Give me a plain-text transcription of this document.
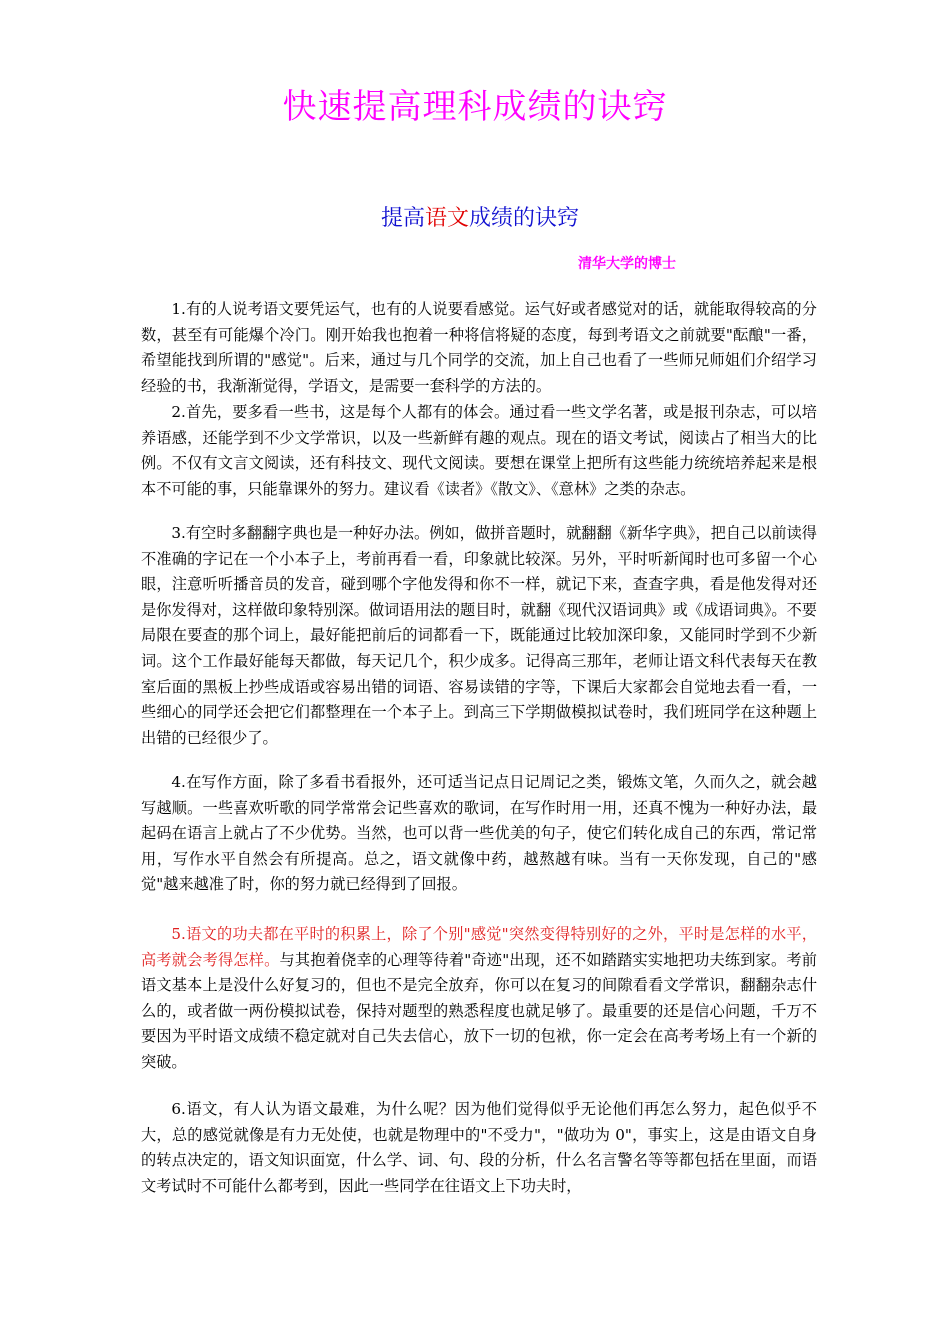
快速提高理科成绩的诀窍
提高语文成绩的诀窍
清华大学的博士

1.有的人说考语文要凭运气，也有的人说要看感觉。运气好或者感觉对的话，就能取得较高的分数，甚至有可能爆个冷门。刚开始我也抱着一种将信将疑的态度，每到考语文之前就要"酝酿"一番，希望能找到所谓的"感觉"。后来，通过与几个同学的交流，加上自己也看了一些师兄师姐们介绍学习经验的书，我渐渐觉得，学语文，是需要一套科学的方法的。

2.首先，要多看一些书，这是每个人都有的体会。通过看一些文学名著，或是报刊杂志，可以培养语感，还能学到不少文学常识，以及一些新鲜有趣的观点。现在的语文考试，阅读占了相当大的比例。不仅有文言文阅读，还有科技文、现代文阅读。要想在课堂上把所有这些能力统统培养起来是根本不可能的事，只能靠课外的努力。建议看《读者》《散文》、《意林》之类的杂志。

3.有空时多翻翻字典也是一种好办法。例如，做拼音题时，就翻翻《新华字典》，把自己以前读得不准确的字记在一个小本子上，考前再看一看，印象就比较深。另外，平时听新闻时也可多留一个心眼，注意听听播音员的发音，碰到哪个字他发得和你不一样，就记下来，查查字典，看是他发得对还是你发得对，这样做印象特别深。做词语用法的题目时，就翻《现代汉语词典》或《成语词典》。不要局限在要查的那个词上，最好能把前后的词都看一下，既能通过比较加深印象，又能同时学到不少新词。这个工作最好能每天都做，每天记几个，积少成多。记得高三那年，老师让语文科代表每天在教室后面的黑板上抄些成语或容易出错的词语、容易读错的字等，下课后大家都会自觉地去看一看，一些细心的同学还会把它们都整理在一个本子上。到高三下学期做模拟试卷时，我们班同学在这种题上出错的已经很少了。

4.在写作方面，除了多看书看报外，还可适当记点日记周记之类，锻炼文笔，久而久之，就会越写越顺。一些喜欢听歌的同学常常会记些喜欢的歌词，在写作时用一用，还真不愧为一种好办法，最起码在语言上就占了不少优势。当然，也可以背一些优美的句子，使它们转化成自己的东西，常记常用，写作水平自然会有所提高。总之，语文就像中药，越熬越有味。当有一天你发现，自己的"感觉"越来越准了时，你的努力就已经得到了回报。

5.语文的功夫都在平时的积累上，除了个别"感觉"突然变得特别好的之外，平时是怎样的水平，高考就会考得怎样。与其抱着侥幸的心理等待着"奇迹"出现，还不如踏踏实实地把功夫练到家。考前语文基本上是没什么好复习的，但也不是完全放弃，你可以在复习的间隙看看文学常识，翻翻杂志什么的，或者做一两份模拟试卷，保持对题型的熟悉程度也就足够了。最重要的还是信心问题，千万不要因为平时语文成绩不稳定就对自己失去信心，放下一切的包袱，你一定会在高考考场上有一个新的突破。

6.语文，有人认为语文最难，为什么呢？因为他们觉得似乎无论他们再怎么努力，起色似乎不大，总的感觉就像是有力无处使，也就是物理中的"不受力"，"做功为 0"，事实上，这是由语文自身的转点决定的，语文知识面宽，什么学、词、句、段的分析，什么名言警名等等都包括在里面，而语文考试时不可能什么都考到，因此一些同学在往语文上下功夫时，
